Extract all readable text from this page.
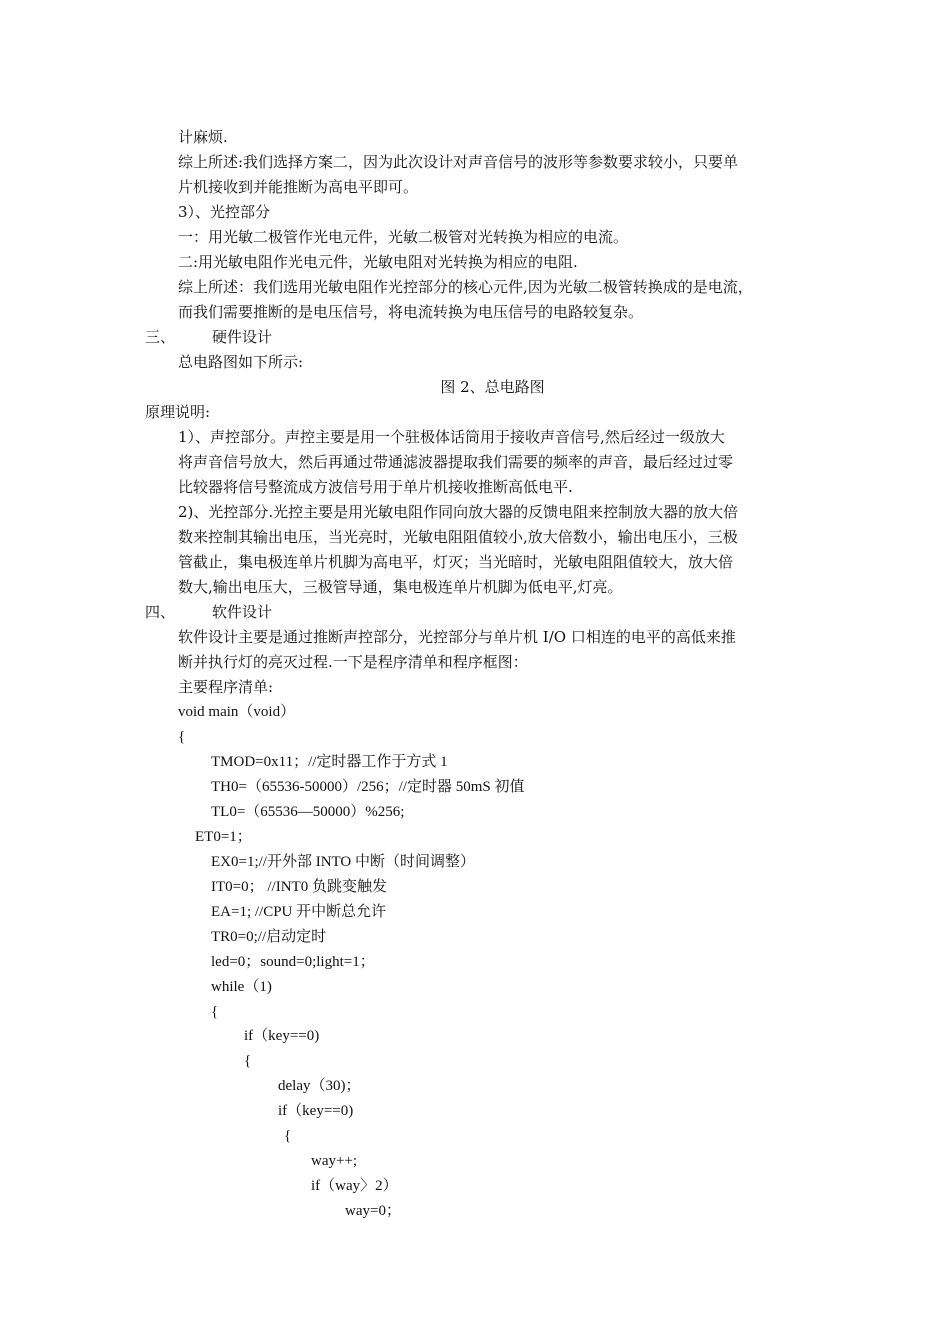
计麻烦.
综上所述:我们选择方案二，因为此次设计对声音信号的波形等参数要求较小，只要单
片机接收到并能推断为高电平即可。
3）、光控部分
一：用光敏二极管作光电元件，光敏二极管对光转换为相应的电流。
二:用光敏电阻作光电元件，光敏电阻对光转换为相应的电阻.
综上所述：我们选用光敏电阻作光控部分的核心元件,因为光敏二极管转换成的是电流，
而我们需要推断的是电压信号，将电流转换为电压信号的电路较复杂。
三、 硬件设计
总电路图如下所示:
图 2、总电路图
原理说明:
1）、声控部分。声控主要是用一个驻极体话筒用于接收声音信号,然后经过一级放大
将声音信号放大，然后再通过带通滤波器提取我们需要的频率的声音，最后经过过零
比较器将信号整流成方波信号用于单片机接收推断高低电平.
2)、光控部分.光控主要是用光敏电阻作同向放大器的反馈电阻来控制放大器的放大倍
数来控制其输出电压，当光亮时，光敏电阻阻值较小,放大倍数小，输出电压小，三极
管截止，集电极连单片机脚为高电平，灯灭；当光暗时，光敏电阻阻值较大，放大倍
数大,输出电压大，三极管导通，集电极连单片机脚为低电平,灯亮。
四、 软件设计
软件设计主要是通过推断声控部分，光控部分与单片机 I/O 口相连的电平的高低来推
断并执行灯的亮灭过程.一下是程序清单和程序框图：
主要程序清单:
void main（void）
{
TMOD=0x11；//定时器工作于方式 1
TH0=（65536-50000）/256；//定时器 50mS 初值
TL0=（65536—50000）%256;
ET0=1；
EX0=1;//开外部 INTO 中断（时间调整）
IT0=0； //INT0 负跳变触发
EA=1; //CPU 开中断总允许
TR0=0;//启动定时
led=0；sound=0;light=1；
while（1)
{
if（key==0)
{
delay（30)；
if（key==0)
{
way++;
if（way〉2）
way=0；
